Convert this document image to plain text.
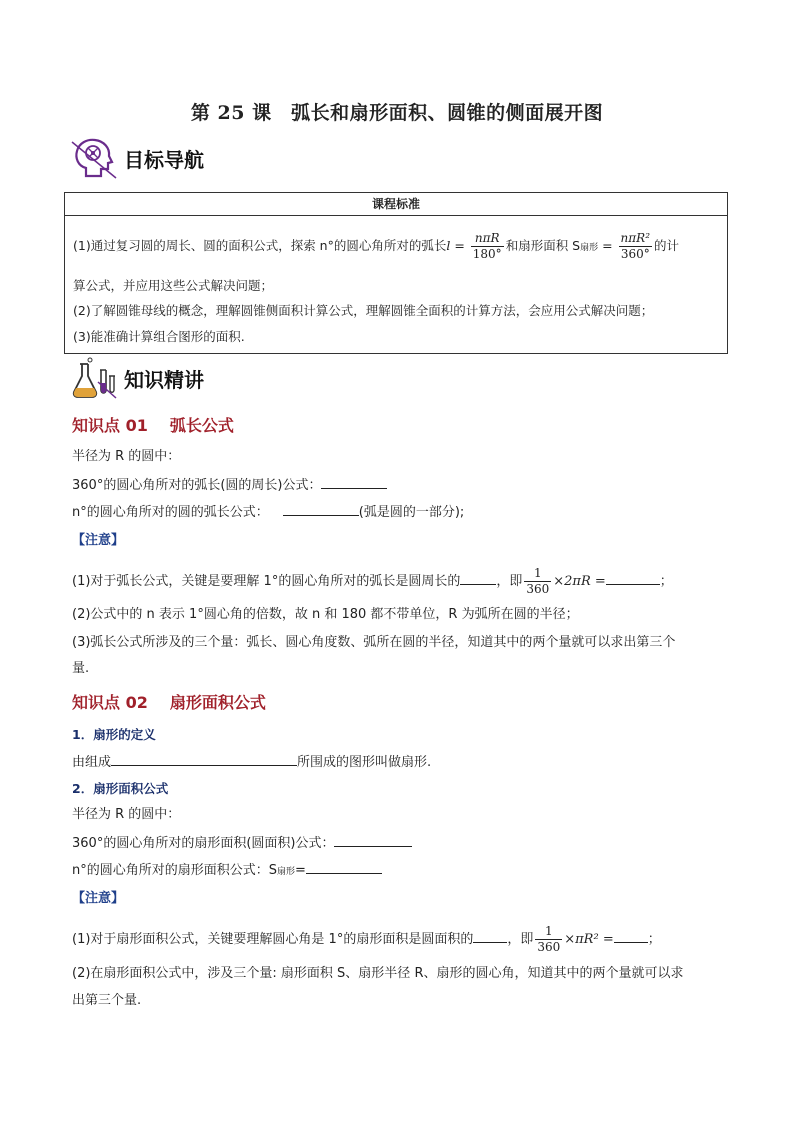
第 25 课　弧长和扇形面积、圆锥的侧面展开图
目标导航
课程标准
(1)通过复习圆的周长、圆的面积公式，探索 n°的圆心角所对的弧长$l = \frac{\text{nπR}}{180^\circ}$ 和扇形面积 S扇形 = $\frac{\text{nπR²}}{360^\circ}$ 的计
算公式，并应用这些公式解决问题；
(2)了解圆锥母线的概念，理解圆锥侧面积计算公式，理解圆锥全面积的计算方法，会应用公式解决问题；
(3)能准确计算组合图形的面积.
知识精讲
知识点 01 弧长公式
半径为 R 的圆中：
360°的圆心角所对的弧长(圆的周长)公式：
n°的圆心角所对的圆的弧长公式：	(弧是圆的一部分);
【注意】
(1)对于弧长公式，关键是要理解 1°的圆心角所对的弧长是圆周长的	，即 $\frac{1}{360} \times 2\pi R$ =	；
(2)公式中的 n 表示 1°圆心角的倍数，故 n 和 180 都不带单位，R 为弧所在圆的半径；
(3)弧长公式所涉及的三个量：弧长、圆心角度数、弧所在圆的半径，知道其中的两个量就可以求出第三个
量.
知识点 02 扇形面积公式
1．扇形的定义
由组成	所围成的图形叫做扇形.
2．扇形面积公式
半径为 R 的圆中：
360°的圆心角所对的扇形面积(圆面积)公式：
n°的圆心角所对的扇形面积公式：S扇形=
【注意】
(1)对于扇形面积公式，关键要理解圆心角是 1°的扇形面积是圆面积的	，即 $\frac{1}{360} \times\pi R^2$ =	；
(2)在扇形面积公式中，涉及三个量: 扇形面积 S、扇形半径 R、扇形的圆心角，知道其中的两个量就可以求
出第三个量.
